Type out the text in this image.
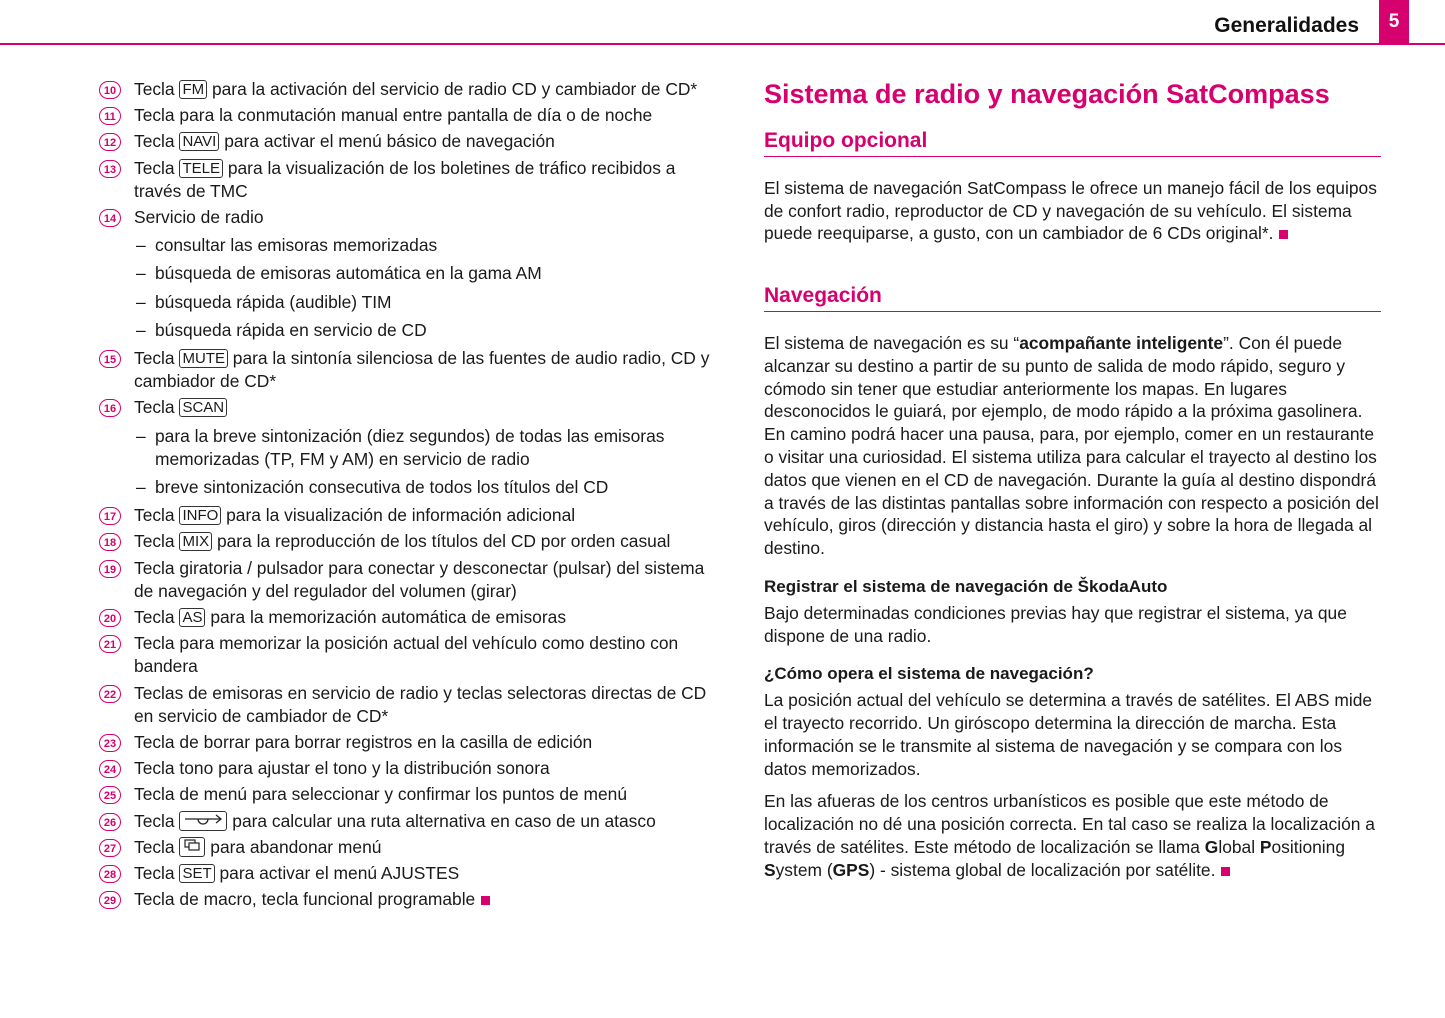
Generalidades	5
10 Tecla FM para la activación del servicio de radio CD y cambiador de CD*
11 Tecla para la conmutación manual entre pantalla de día o de noche
12 Tecla NAVI para activar el menú básico de navegación
13 Tecla TELE para la visualización de los boletines de tráfico recibidos a través de TMC
14 Servicio de radio
– consultar las emisoras memorizadas
– búsqueda de emisoras automática en la gama AM
– búsqueda rápida (audible) TIM
– búsqueda rápida en servicio de CD
15 Tecla MUTE para la sintonía silenciosa de las fuentes de audio radio, CD y cambiador de CD*
16 Tecla SCAN
– para la breve sintonización (diez segundos) de todas las emisoras memorizadas (TP, FM y AM) en servicio de radio
– breve sintonización consecutiva de todos los títulos del CD
17 Tecla INFO para la visualización de información adicional
18 Tecla MIX para la reproducción de los títulos del CD por orden casual
19 Tecla giratoria / pulsador para conectar y desconectar (pulsar) del sistema de navegación y del regulador del volumen (girar)
20 Tecla AS para la memorización automática de emisoras
21 Tecla para memorizar la posición actual del vehículo como destino con bandera
22 Teclas de emisoras en servicio de radio y teclas selectoras directas de CD en servicio de cambiador de CD*
23 Tecla de borrar para borrar registros en la casilla de edición
24 Tecla tono para ajustar el tono y la distribución sonora
25 Tecla de menú para seleccionar y confirmar los puntos de menú
26 Tecla	para calcular una ruta alternativa en caso de un atasco
27 Tecla para abandonar menú
28 Tecla SET para activar el menú AJUSTES
29 Tecla de macro, tecla funcional programable
Sistema de radio y navegación SatCompass
Equipo opcional

El sistema de navegación SatCompass le ofrece un manejo fácil de los equipos de confort radio, reproductor de CD y navegación de su vehículo. El sistema puede reequiparse, a gusto, con un cambiador de 6 CDs original*.

Navegación

El sistema de navegación es su “acompañante inteligente”. Con él puede alcanzar su destino a partir de su punto de salida de modo rápido, seguro y cómodo sin tener que estudiar anteriormente los mapas. En lugares desconocidos le guiará, por ejemplo, de modo rápido a la próxima gasolinera. En camino podrá hacer una pausa, para, por ejemplo, comer en un restaurante o visitar una curiosidad. El sistema utiliza para calcular el trayecto al destino los datos que vienen en el CD de navegación. Durante la guía al destino dispondrá a través de las distintas pantallas sobre información con respecto a posición del vehículo, giros (dirección y distancia hasta el giro) y sobre la hora de llegada al destino.

Registrar el sistema de navegación de ŠkodaAuto

Bajo determinadas condiciones previas hay que registrar el sistema, ya que dispone de una radio.

¿Cómo opera el sistema de navegación?

La posición actual del vehículo se determina a través de satélites. El ABS mide el trayecto recorrido. Un giróscopo determina la dirección de marcha. Esta información se le transmite al sistema de navegación y se compara con los datos memorizados.

En las afueras de los centros urbanísticos es posible que este método de localización no dé una posición correcta. En tal caso se realiza la localización a través de satélites. Este método de localización se llama Global Positioning System (GPS) - sistema global de localización por satélite.
